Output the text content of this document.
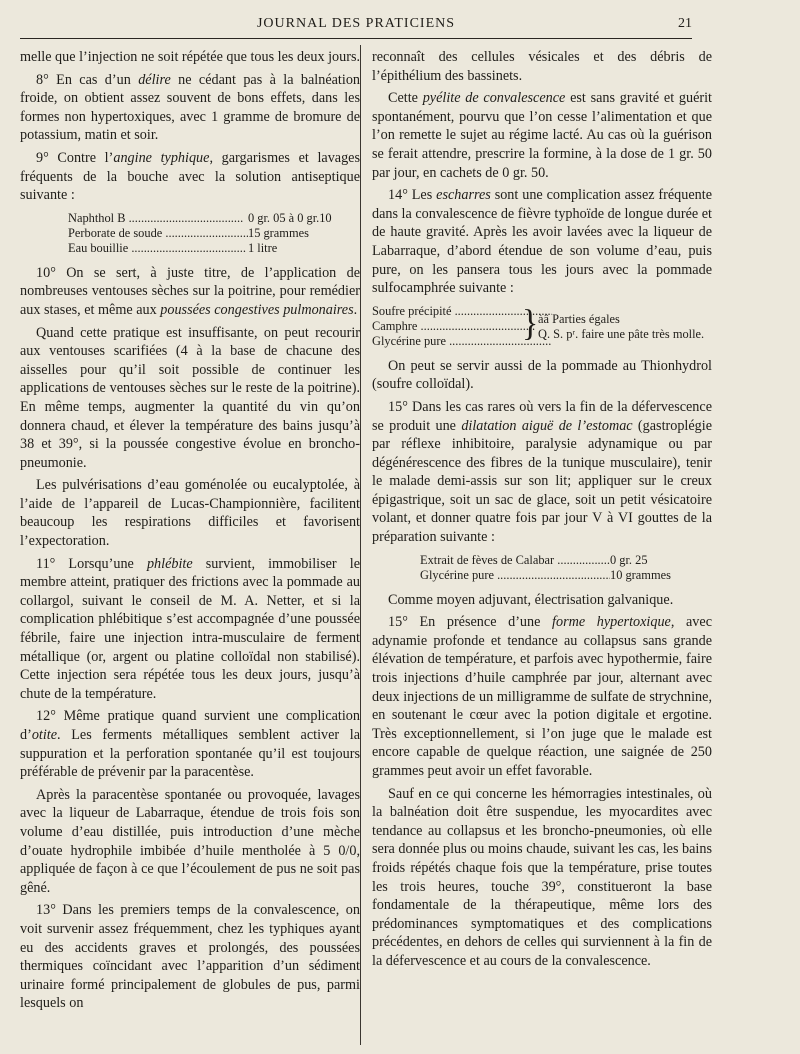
JOURNAL DES PRATICIENS	21

melle que l’injection ne soit répétée que tous les deux jours.

8° En cas d’un délire ne cédant pas à la balnéation froide, on obtient assez souvent de bons effets, dans les formes non hypertoxiques, avec 1 gramme de bromure de potassium, matin et soir.

9° Contre l’angine typhique, gargarismes et lavages fréquents de la bouche avec la solution antiseptique suivante :

Naphthol B .....	0 gr. 05 à 0 gr.10
Perborate de soude .....	15 grammes
Eau bouillie .....	1 litre

10° On se sert, à juste titre, de l’application de nombreuses ventouses sèches sur la poitrine, pour remédier aux stases, et même aux poussées congestives pulmonaires.

Quand cette pratique est insuffisante, on peut recourir aux ventouses scarifiées (4 à la base de chacune des aisselles pour qu’il soit possible de continuer les applications de ventouses sèches sur le reste de la poitrine). En même temps, augmenter la quantité du vin qu’on donnera chaud, et élever la température des bains jusqu’à 38 et 39°, si la poussée congestive évolue en broncho-pneumonie.

Les pulvérisations d’eau goménolée ou eucalyptolée, à l’aide de l’appareil de Lucas-Championnière, facilitent beaucoup les respirations difficiles et favorisent l’expectoration.

11° Lorsqu’une phlébite survient, immobiliser le membre atteint, pratiquer des frictions avec la pommade au collargol, suivant le conseil de M. A. Netter, et si la complication phlébitique s’est accompagnée d’une poussée fébrile, faire une injection intra-musculaire de ferment métallique (or, argent ou platine colloïdal non stabilisé). Cette injection sera répétée tous les deux jours, jusqu’à chute de la température.

12° Même pratique quand survient une complication d’otite. Les ferments métalliques semblent activer la suppuration et la perforation spontanée qu’il est toujours préférable de prévenir par la paracentèse.

Après la paracentèse spontanée ou provoquée, lavages avec la liqueur de Labarraque, étendue de trois fois son volume d’eau distillée, puis introduction d’une mèche d’ouate hydrophile imbibée d’huile mentholée à 5 0/0, appliquée de façon à ce que l’écoulement de pus ne soit pas gêné.

13° Dans les premiers temps de la convalescence, on voit survenir assez fréquemment, chez les typhiques ayant eu des accidents graves et prolongés, des poussées thermiques coïncidant avec l’apparition d’un sédiment urinaire formé principalement de globules de pus, parmi lesquels on

reconnaît des cellules vésicales et des débris de l’épithélium des bassinets.

Cette pyélite de convalescence est sans gravité et guérit spontanément, pourvu que l’on cesse l’alimentation et que l’on remette le sujet au régime lacté. Au cas où la guérison se ferait attendre, prescrire la formine, à la dose de 1 gr. 50 par jour, en cachets de 0 gr. 50.

14° Les escharres sont une complication assez fréquente dans la convalescence de fièvre typhoïde de longue durée et de haute gravité. Après les avoir lavées avec la liqueur de Labarraque, d’abord étendue de son volume d’eau, puis pure, on les pansera tous les jours avec la pommade sulfocamphrée suivante :

Soufre précipité .....
Camphre .....
Glycérine pure .....	} àâ Parties égales
Q. S. pʳ. faire une pâte très molle.

On peut se servir aussi de la pommade au Thionhydrol (soufre colloïdal).

15° Dans les cas rares où vers la fin de la défervescence se produit une dilatation aiguë de l’estomac (gastroplégie par réflexe inhibitoire, paralysie adynamique ou par dégénérescence des fibres de la tunique musculaire), tenir le malade demi-assis sur son lit; appliquer sur le creux épigastrique, soit un sac de glace, soit un petit vésicatoire volant, et donner quatre fois par jour V à VI gouttes de la préparation suivante :

Extrait de fèves de Calabar .....	0 gr. 25
Glycérine pure .....	10 grammes

Comme moyen adjuvant, électrisation galvanique.

15° En présence d’une forme hypertoxique, avec adynamie profonde et tendance au collapsus sans grande élévation de température, et parfois avec hypothermie, faire trois injections d’huile camphrée par jour, alternant avec deux injections de un milligramme de sulfate de strychnine, en soutenant le cœur avec la potion digitale et ergotine. Très exceptionnellement, si l’on juge que le malade est encore capable de quelque réaction, une saignée de 250 grammes peut avoir un effet favorable.

Sauf en ce qui concerne les hémorragies intestinales, où la balnéation doit être suspendue, les myocardites avec tendance au collapsus et les broncho-pneumonies, où elle sera donnée plus ou moins chaude, suivant les cas, les bains froids répétés chaque fois que la température, prise toutes les trois heures, touche 39°, constitueront la base fondamentale de la thérapeutique, même lors des prédominances symptomatiques et des complications précédentes, en dehors de celles qui surviennent à la fin de la défervescence et au cours de la convalescence.
